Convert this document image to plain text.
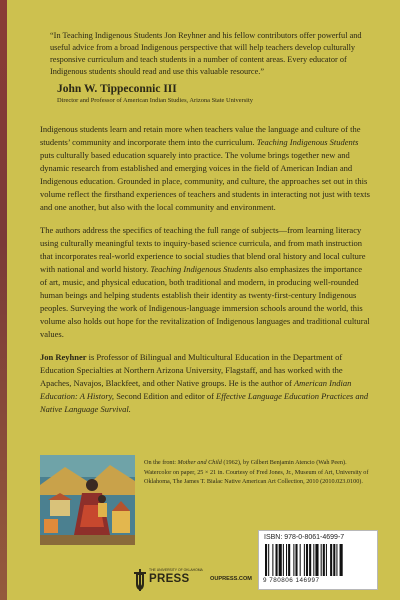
“In Teaching Indigenous Students Jon Reyhner and his fellow contributors offer powerful and useful advice from a broad Indigenous perspective that will help teachers develop culturally responsive curriculum and teach students in a number of content areas. Every educator of Indigenous students should read and use this valuable resource.”
John W. Tippeconnic III
Director and Professor of American Indian Studies, Arizona State University

Indigenous students learn and retain more when teachers value the language and culture of the students’ community and incorporate them into the curriculum. Teaching Indigenous Students puts culturally based education squarely into practice. The volume brings together new and dynamic research from established and emerging voices in the field of American Indian and Indigenous education. Grounded in place, community, and culture, the approaches set out in this volume reflect the firsthand experiences of teachers and students in interacting not just with texts and one another, but also with the local community and environment.

The authors address the specifics of teaching the full range of subjects—from learning literacy using culturally meaningful texts to inquiry-based science curricula, and from math instruction that incorporates real-world experience to social studies that blend oral history and local culture with national and world history. Teaching Indigenous Students also emphasizes the importance of art, music, and physical education, both traditional and modern, in producing well-rounded human beings and helping students establish their identity as twenty-first-century Indigenous peoples. Surveying the work of Indigenous-language immersion schools around the world, this volume also holds out hope for the revitalization of Indigenous languages and traditional cultural values.

Jon Reyhner is Professor of Bilingual and Multicultural Education in the Department of Education Specialties at Northern Arizona University, Flagstaff, and has worked with the Apaches, Navajos, Blackfeet, and other Native groups. He is the author of American Indian Education: A History, Second Edition and editor of Effective Language Education Practices and Native Language Survival.

On the front: Mother and Child (1962), by Gilbert Benjamin Atencio (Wah Peen). Watercolor on paper, 25 × 21 in. Courtesy of Fred Jones, Jr., Museum of Art, University of Oklahoma, The James T. Bialac Native American Art Collection, 2010 (2010.023.0100).
THE UNIVERSITY OF OKLAHOMA
PRESS	OUPRESS.COM
ISBN: 978-0-8061-4699-7
9 780806 146997
